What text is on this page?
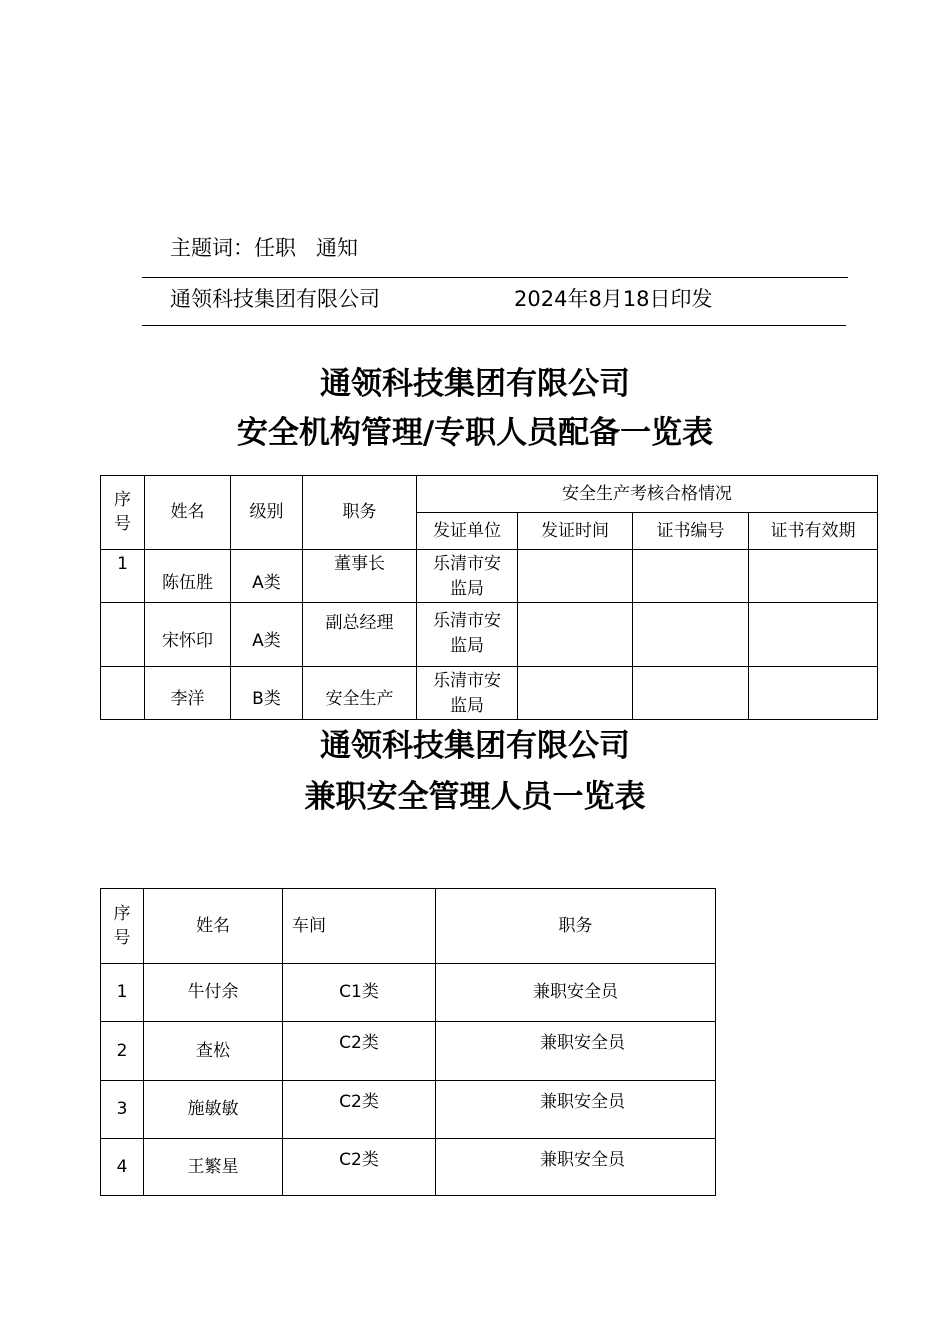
主题词：任职   通知
通领科技集团有限公司	2024年8月18日印发
通领科技集团有限公司
安全机构管理/专职人员配备一览表
序号	姓名	级别	职务	安全生产考核合格情况			
				发证单位	发证时间	证书编号	证书有效期
1	陈伍胜	A类	董事长	乐清市安监局			
	宋怀印	A类	副总经理	乐清市安监局			
	李洋	B类	安全生产	乐清市安监局			
通领科技集团有限公司
兼职安全管理人员一览表
序号	姓名	车间	职务
1	牛付余	C1类	兼职安全员
2	查松	C2类	兼职安全员
3	施敏敏	C2类	兼职安全员
4	王繁星	C2类	兼职安全员
